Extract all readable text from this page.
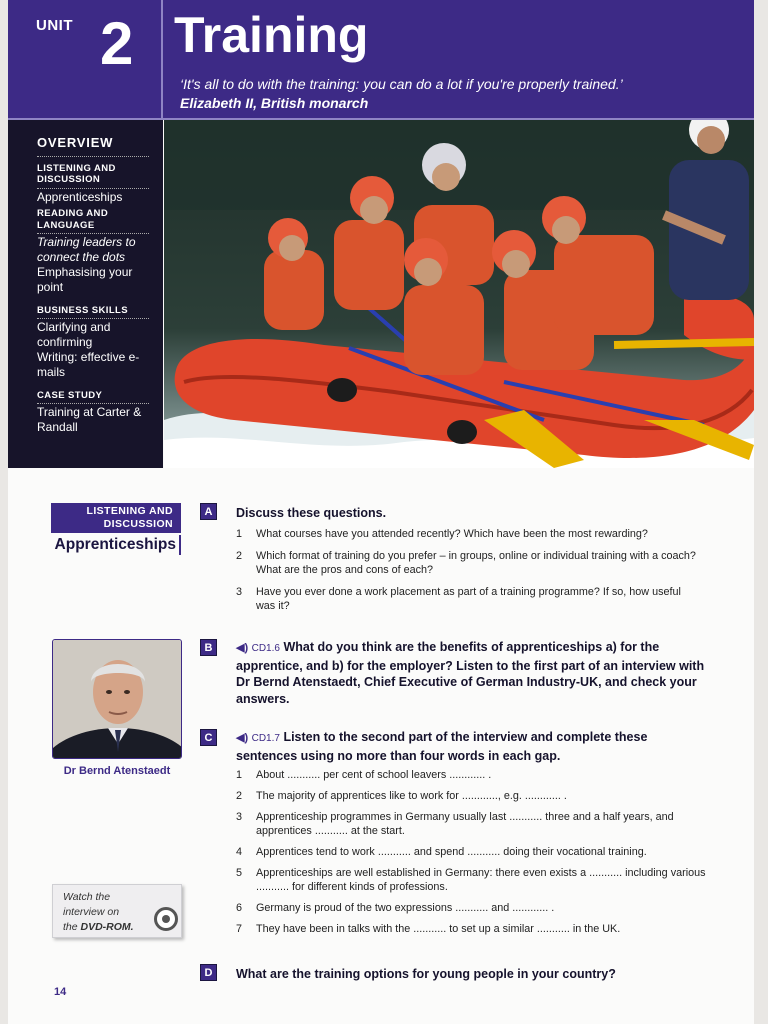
UNIT 2 Training
‘It's all to do with the training: you can do a lot if you're properly trained.’
Elizabeth II, British monarch
OVERVIEW
LISTENING AND DISCUSSION
Apprenticeships
READING AND LANGUAGE
Training leaders to connect the dots
Emphasising your point
BUSINESS SKILLS
Clarifying and confirming
Writing: effective e-mails
CASE STUDY
Training at Carter & Randall
LISTENING AND DISCUSSION
Apprenticeships
A	Discuss these questions.
1 What courses have you attended recently? Which have been the most rewarding?
2 Which format of training do you prefer – in groups, online or individual training with a coach? What are the pros and cons of each?
3 Have you ever done a work placement as part of a training programme? If so, how useful was it?
Dr Bernd Atenstaedt
B	◀) CD1.6 What do you think are the benefits of apprenticeships a) for the apprentice, and b) for the employer? Listen to the first part of an interview with Dr Bernd Atenstaedt, Chief Executive of German Industry-UK, and check your answers.
C	◀) CD1.7 Listen to the second part of the interview and complete these sentences using no more than four words in each gap.
1 About ........... per cent of school leavers ............ .
2 The majority of apprentices like to work for ............, e.g. ............ .
3 Apprenticeship programmes in Germany usually last ........... three and a half years, and apprentices ........... at the start.
4 Apprentices tend to work ........... and spend ........... doing their vocational training.
5 Apprenticeships are well established in Germany: there even exists a ........... including various ........... for different kinds of professions.
6 Germany is proud of the two expressions ........... and ............ .
7 They have been in talks with the ........... to set up a similar ........... in the UK.
Watch the
interview on
the DVD-ROM.
D	What are the training options for young people in your country?
14
